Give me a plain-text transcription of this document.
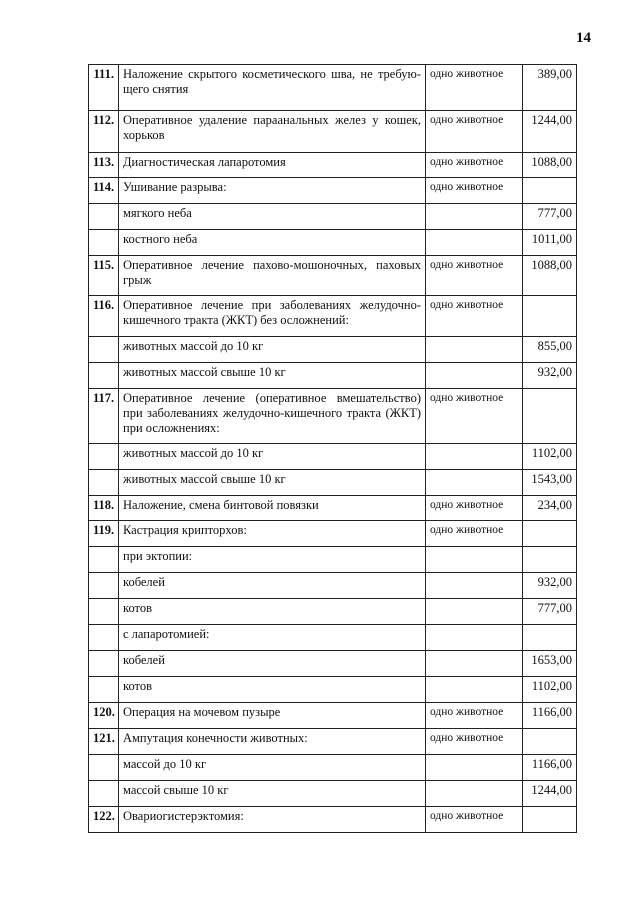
14
111.	Наложение скрытого косметического шва, не требую-щего снятия	одно животное	389,00
112.	Оперативное удаление параанальных желез у кошек, хорьков	одно животное	1244,00
113.	Диагностическая лапаротомия	одно животное	1088,00
114.	Ушивание разрыва:	одно животное	
	мягкого неба		777,00
	костного неба		1011,00
115.	Оперативное лечение пахово-мошоночных, паховых грыж	одно животное	1088,00
116.	Оперативное лечение при заболеваниях желудочно-кишечного тракта (ЖКТ) без осложнений:	одно животное	
	животных массой до 10 кг		855,00
	животных массой свыше 10 кг		932,00
117.	Оперативное лечение (оперативное вмешательство) при заболеваниях желудочно-кишечного тракта (ЖКТ) при осложнениях:	одно животное	
	животных массой до 10 кг		1102,00
	животных массой свыше 10 кг		1543,00
118.	Наложение, смена бинтовой повязки	одно животное	234,00
119.	Кастрация крипторхов:	одно животное	
	при эктопии:		
	кобелей		932,00
	котов		777,00
	с лапаротомией:		
	кобелей		1653,00
	котов		1102,00
120.	Операция на мочевом пузыре	одно животное	1166,00
121.	Ампутация конечности животных:	одно животное	
	массой до 10 кг		1166,00
	массой свыше 10 кг		1244,00
122.	Овариогистерэктомия:	одно животное	
